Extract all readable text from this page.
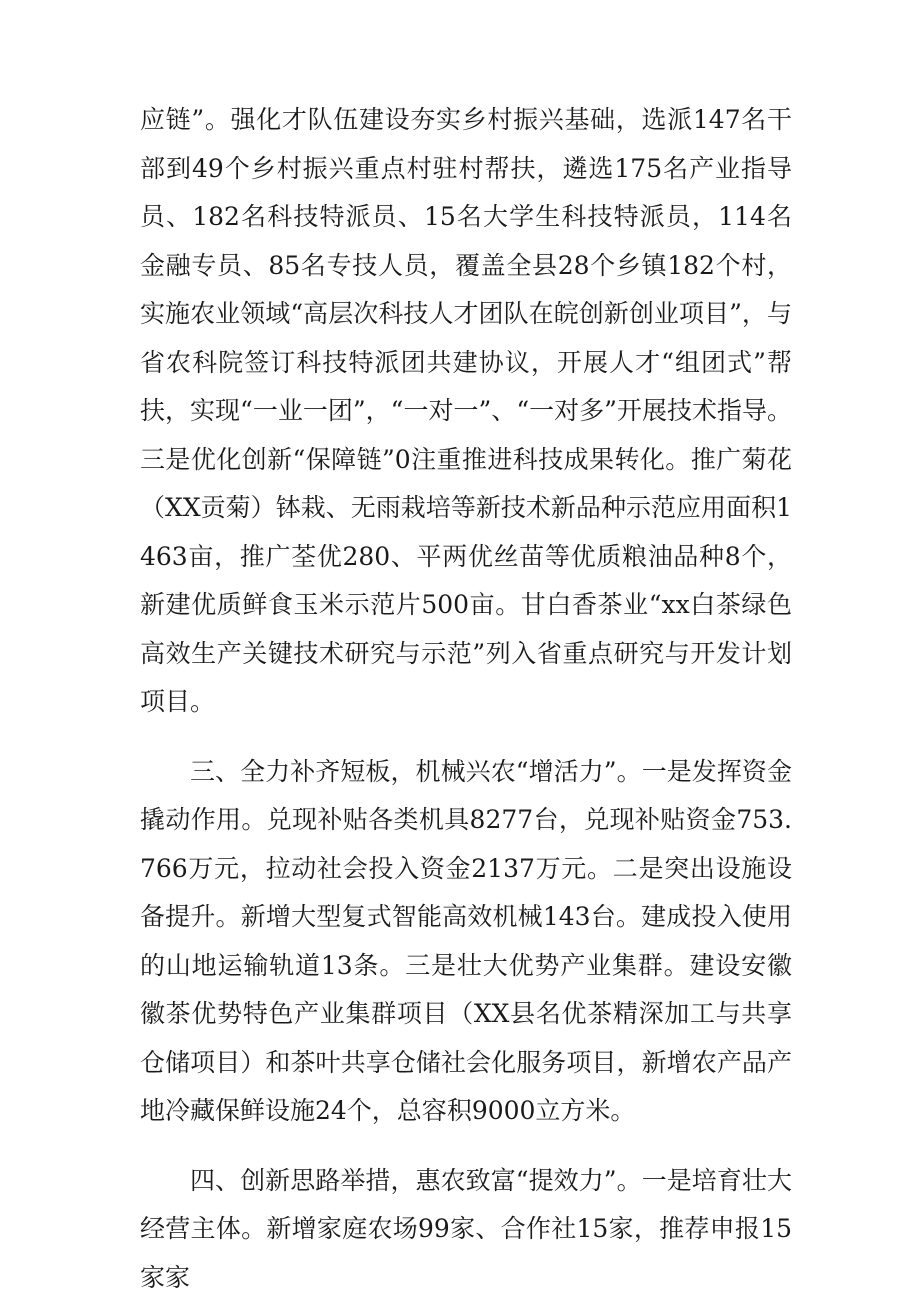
应链”。强化才队伍建设夯实乡村振兴基础，选派147名干部到49个乡村振兴重点村驻村帮扶，遴选175名产业指导员、182名科技特派员、15名大学生科技特派员，114名金融专员、85名专技人员，覆盖全县28个乡镇182个村，实施农业领域“高层次科技人才团队在皖创新创业项目”，与省农科院签订科技特派团共建协议，开展人才“组团式”帮扶，实现“一业一团”，“一对一”、“一对多”开展技术指导。三是优化创新“保障链”0注重推进科技成果转化。推广菊花（XX贡菊）钵栽、无雨栽培等新技术新品种示范应用面积1463亩，推广荃优280、平两优丝苗等优质粮油品种8个，新建优质鲜食玉米示范片500亩。甘白香茶业“xx白茶绿色高效生产关键技术研究与示范”列入省重点研究与开发计划项目。

三、全力补齐短板，机械兴农“增活力”。一是发挥资金撬动作用。兑现补贴各类机具8277台，兑现补贴资金753.766万元，拉动社会投入资金2137万元。二是突出设施设备提升。新增大型复式智能高效机械143台。建成投入使用的山地运输轨道13条。三是壮大优势产业集群。建设安徽徽茶优势特色产业集群项目（XX县名优茶精深加工与共享仓储项目）和茶叶共享仓储社会化服务项目，新增农产品产地冷藏保鲜设施24个，总容积9000立方米。

四、创新思路举措，惠农致富“提效力”。一是培育壮大经营主体。新增家庭农场99家、合作社15家，推荐申报15家家
